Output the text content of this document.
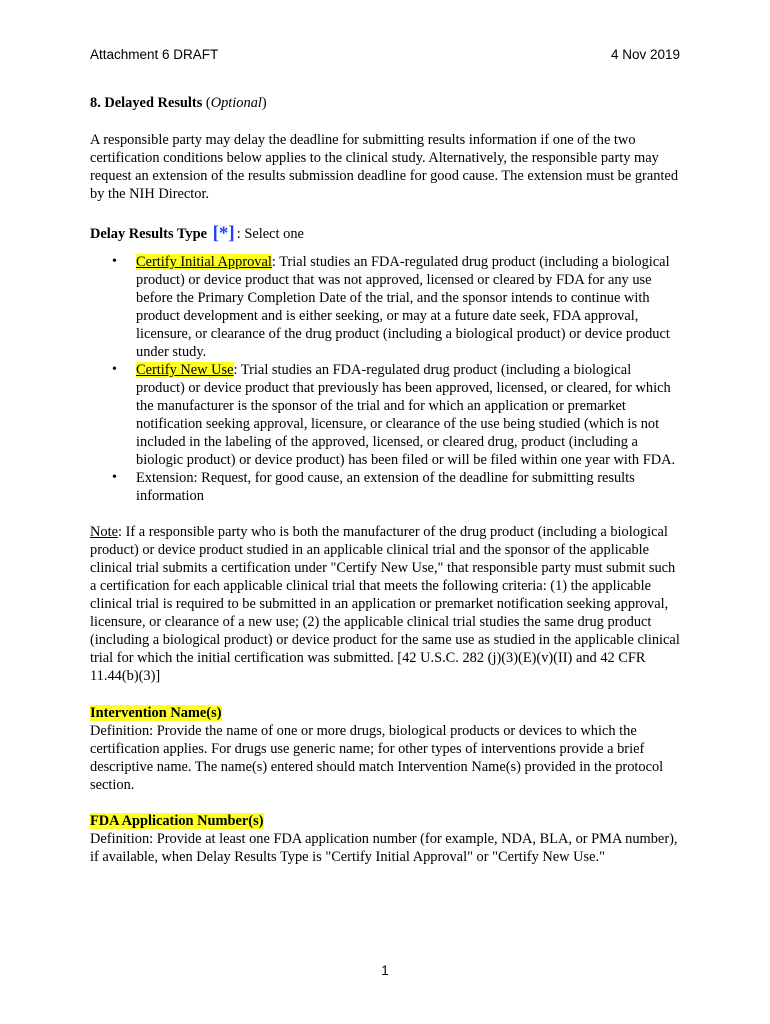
Attachment 6 DRAFT	4 Nov 2019

8. Delayed Results (Optional)

A responsible party may delay the deadline for submitting results information if one of the two certification conditions below applies to the clinical study. Alternatively, the responsible party may request an extension of the results submission deadline for good cause. The extension must be granted by the NIH Director.

Delay Results Type [*] : Select one

• Certify Initial Approval: Trial studies an FDA-regulated drug product (including a biological product) or device product that was not approved, licensed or cleared by FDA for any use before the Primary Completion Date of the trial, and the sponsor intends to continue with product development and is either seeking, or may at a future date seek, FDA approval, licensure, or clearance of the drug product (including a biological product) or device product under study.
• Certify New Use: Trial studies an FDA-regulated drug product (including a biological product) or device product that previously has been approved, licensed, or cleared, for which the manufacturer is the sponsor of the trial and for which an application or premarket notification seeking approval, licensure, or clearance of the use being studied (which is not included in the labeling of the approved, licensed, or cleared drug, product (including a biologic product) or device product) has been filed or will be filed within one year with FDA.
• Extension: Request, for good cause, an extension of the deadline for submitting results information

Note: If a responsible party who is both the manufacturer of the drug product (including a biological product) or device product studied in an applicable clinical trial and the sponsor of the applicable clinical trial submits a certification under "Certify New Use," that responsible party must submit such a certification for each applicable clinical trial that meets the following criteria: (1) the applicable clinical trial is required to be submitted in an application or premarket notification seeking approval, licensure, or clearance of a new use; (2) the applicable clinical trial studies the same drug product (including a biological product) or device product for the same use as studied in the applicable clinical trial for which the initial certification was submitted. [42 U.S.C. 282 (j)(3)(E)(v)(II) and 42 CFR 11.44(b)(3)]

Intervention Name(s)

Definition: Provide the name of one or more drugs, biological products or devices to which the certification applies. For drugs use generic name; for other types of interventions provide a brief descriptive name. The name(s) entered should match Intervention Name(s) provided in the protocol section.

FDA Application Number(s)

Definition: Provide at least one FDA application number (for example, NDA, BLA, or PMA number), if available, when Delay Results Type is "Certify Initial Approval" or "Certify New Use."

1
